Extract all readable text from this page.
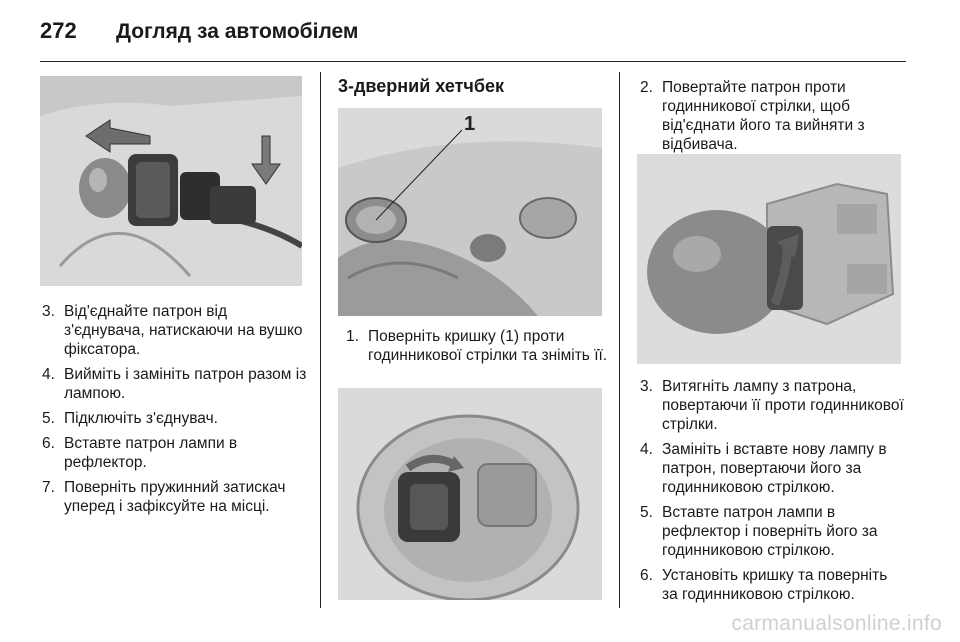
272	Догляд за автомобілем
3. Від'єднайте патрон від з'єднувача, натискаючи на вушко фіксатора.
4. Вийміть і замініть патрон разом із лампою.
5. Підключіть з'єднувач.
6. Вставте патрон лампи в рефлектор.
7. Поверніть пружинний затискач уперед і зафіксуйте на місці.
3-дверний хетчбек
1
1. Поверніть кришку (1) проти годинникової стрілки та зніміть її.
2. Повертайте патрон проти годинникової стрілки, щоб від'єднати його та вийняти з відбивача.
3. Витягніть лампу з патрона, повертаючи її проти годинникової стрілки.
4. Замініть і вставте нову лампу в патрон, повертаючи його за годинниковою стрілкою.
5. Вставте патрон лампи в рефлектор і поверніть його за годинниковою стрілкою.
6. Установіть кришку та поверніть за годинниковою стрілкою.
carmanualsonline.info
